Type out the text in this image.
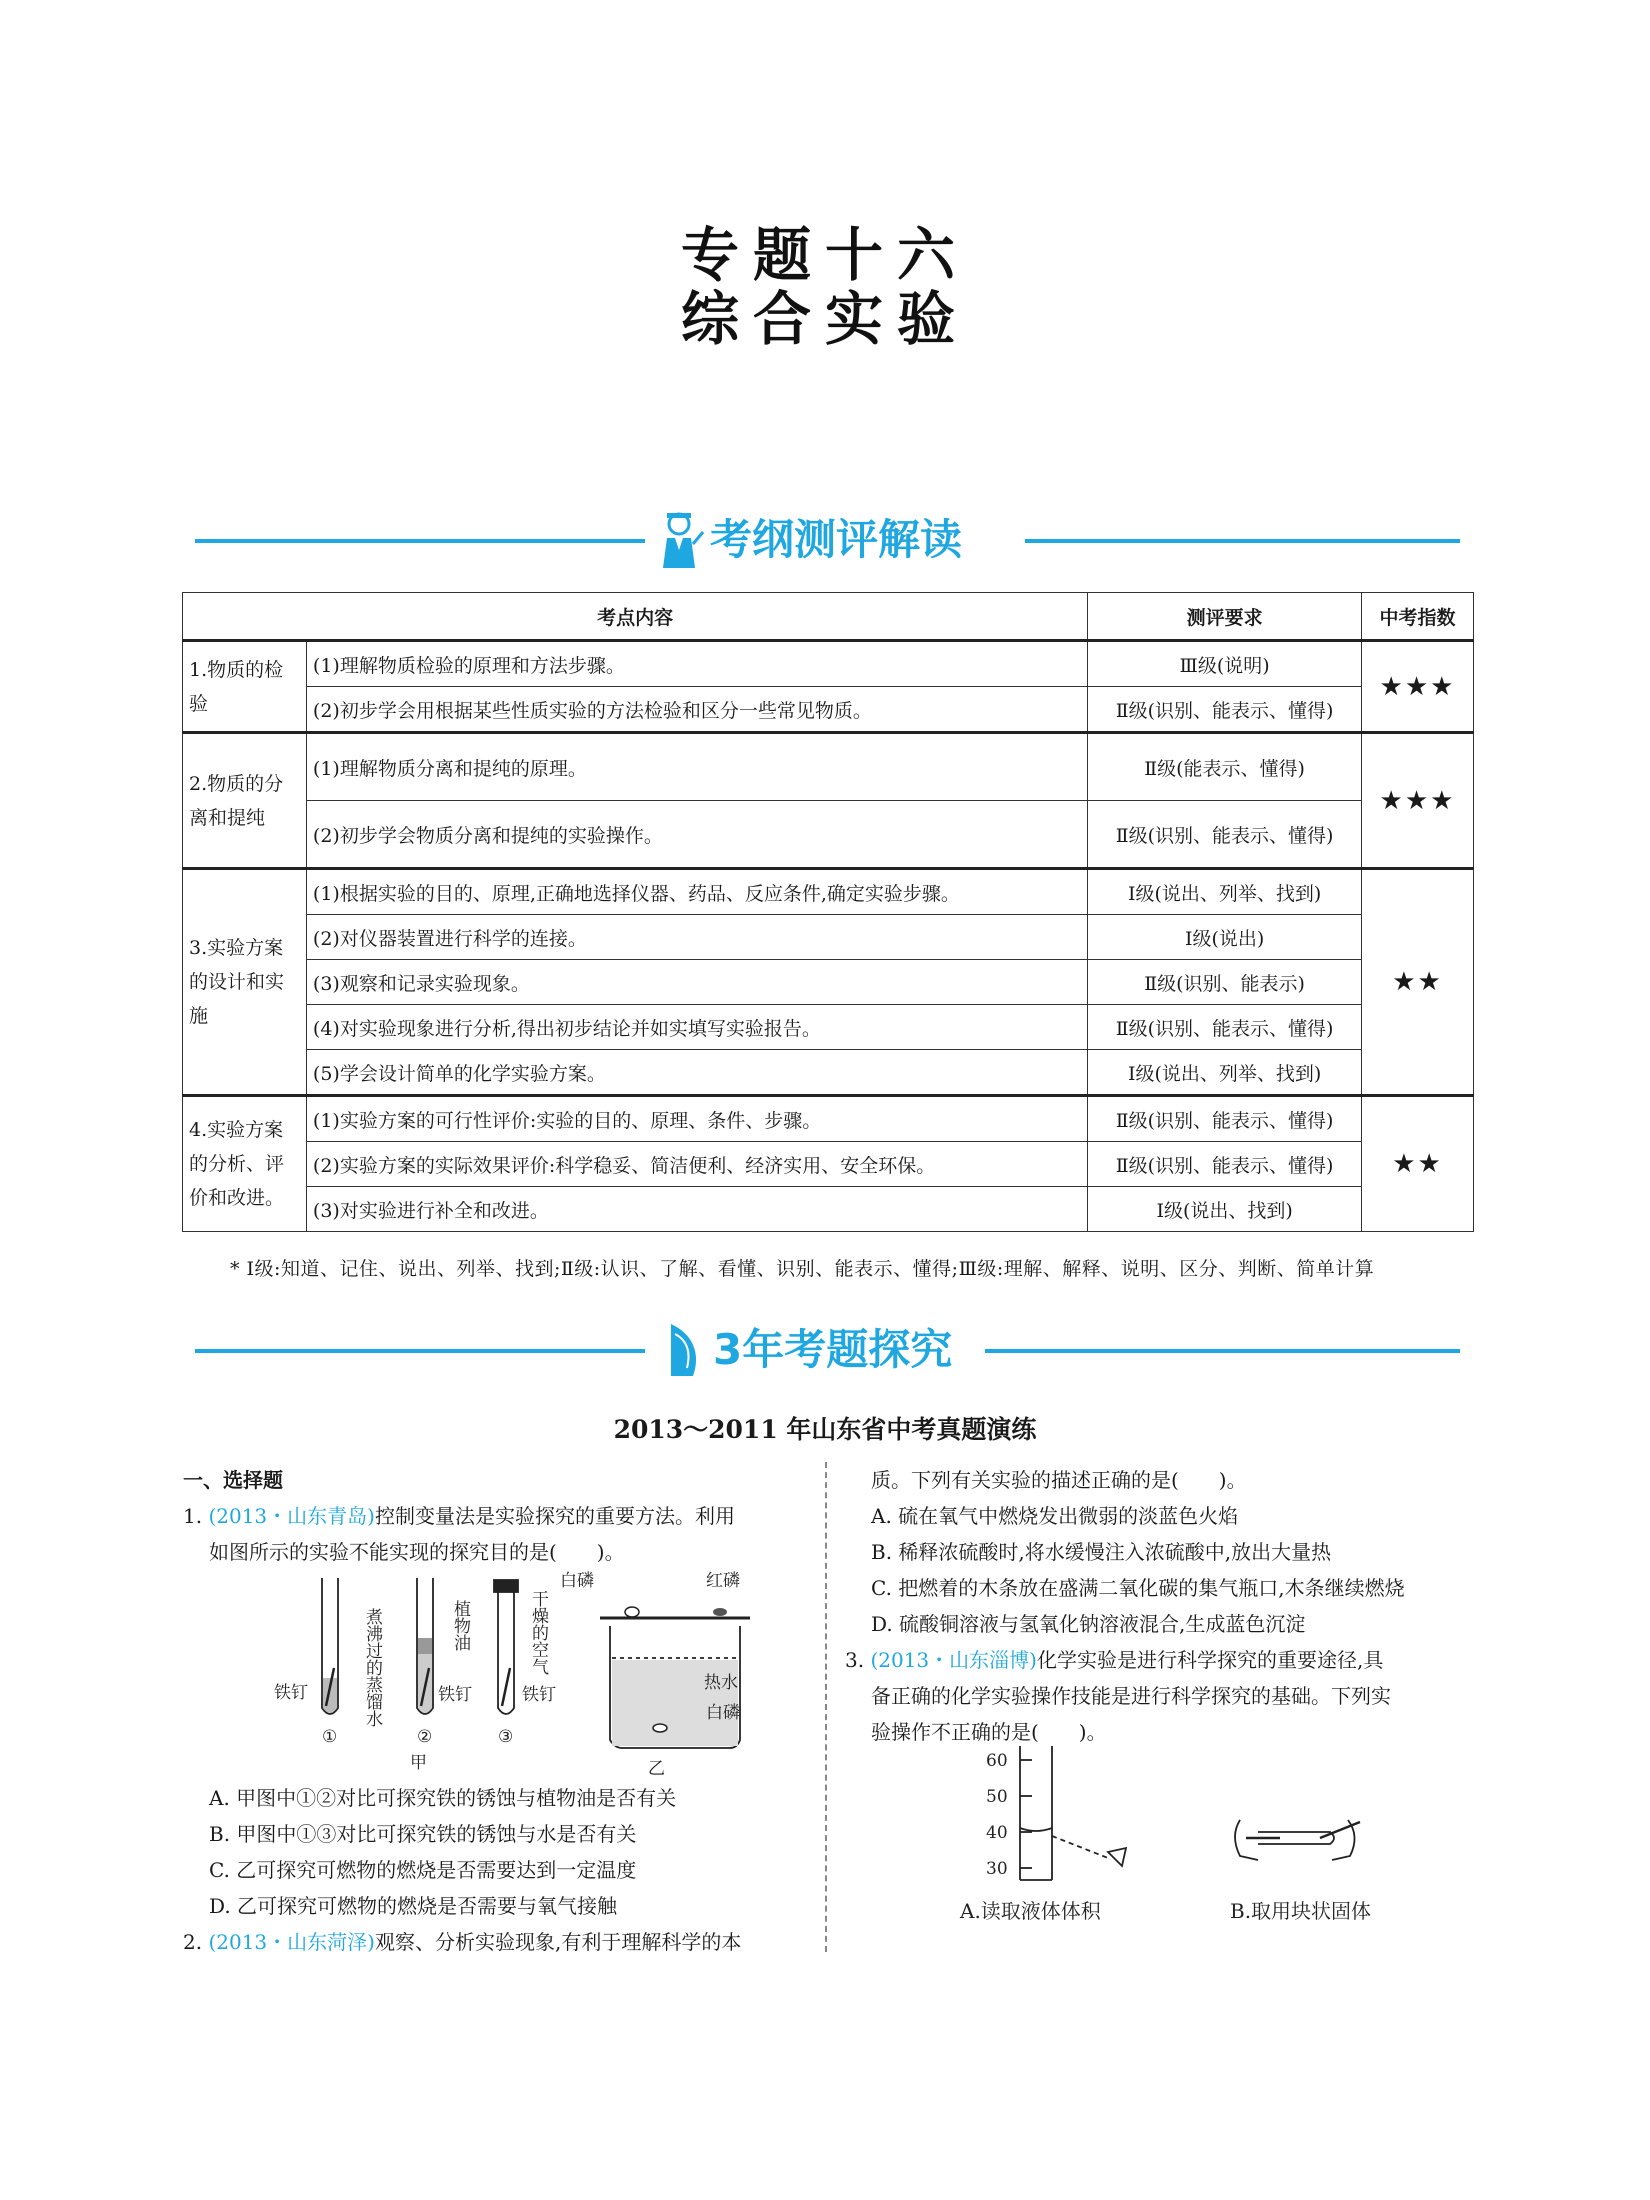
专题十六
综合实验
考纲测评解读
考点内容		测评要求	中考指数
1.物质的检验	(1)理解物质检验的原理和方法步骤。	Ⅲ级(说明)	★★★
	(2)初步学会用根据某些性质实验的方法检验和区分一些常见物质。	Ⅱ级(识别、能表示、懂得)	
2.物质的分离和提纯	(1)理解物质分离和提纯的原理。	Ⅱ级(能表示、懂得)	★★★
	(2)初步学会物质分离和提纯的实验操作。	Ⅱ级(识别、能表示、懂得)	
3.实验方案的设计和实施	(1)根据实验的目的、原理,正确地选择仪器、药品、反应条件,确定实验步骤。	Ⅰ级(说出、列举、找到)	★★
	(2)对仪器装置进行科学的连接。	Ⅰ级(说出)	
	(3)观察和记录实验现象。	Ⅱ级(识别、能表示)	
	(4)对实验现象进行分析,得出初步结论并如实填写实验报告。	Ⅱ级(识别、能表示、懂得)	
	(5)学会设计简单的化学实验方案。	Ⅰ级(说出、列举、找到)	
4.实验方案的分析、评价和改进。	(1)实验方案的可行性评价:实验的目的、原理、条件、步骤。	Ⅱ级(识别、能表示、懂得)	★★
	(2)实验方案的实际效果评价:科学稳妥、简洁便利、经济实用、安全环保。	Ⅱ级(识别、能表示、懂得)	
	(3)对实验进行补全和改进。	Ⅰ级(说出、找到)	
* Ⅰ级:知道、记住、说出、列举、找到;Ⅱ级:认识、了解、看懂、识别、能表示、懂得;Ⅲ级:理解、解释、说明、区分、判断、简单计算
3年考题探究
2013～2011 年山东省中考真题演练

一、选择题

1. (2013・山东青岛)控制变量法是实验探究的重要方法。利用

如图所示的实验不能实现的探究目的是(　　)。

煮沸过的蒸馏水	植物油	干燥的空气
铁钉	铁钉	铁钉
①	②	③
甲
白磷	红磷
热水
白磷
乙

A. 甲图中①②对比可探究铁的锈蚀与植物油是否有关

B. 甲图中①③对比可探究铁的锈蚀与水是否有关

C. 乙可探究可燃物的燃烧是否需要达到一定温度

D. 乙可探究可燃物的燃烧是否需要与氧气接触

2. (2013・山东菏泽)观察、分析实验现象,有利于理解科学的本

质。下列有关实验的描述正确的是(　　)。

A. 硫在氧气中燃烧发出微弱的淡蓝色火焰

B. 稀释浓硫酸时,将水缓慢注入浓硫酸中,放出大量热

C. 把燃着的木条放在盛满二氧化碳的集气瓶口,木条继续燃烧

D. 硫酸铜溶液与氢氧化钠溶液混合,生成蓝色沉淀

3. (2013・山东淄博)化学实验是进行科学探究的重要途径,具

备正确的化学实验操作技能是进行科学探究的基础。下列实

验操作不正确的是(　　)。

60
50
40
30
A.读取液体体积	B.取用块状固体
